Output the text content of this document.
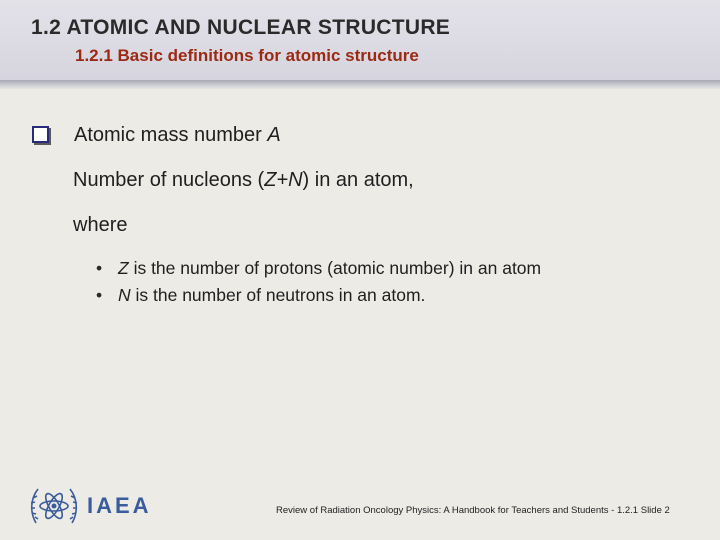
1.2 ATOMIC AND NUCLEAR STRUCTURE
1.2.1 Basic definitions for atomic structure
Atomic mass number A
Number of nucleons (Z+N) in an atom,
where
• Z is the number of protons (atomic number) in an atom
• N is the number of neutrons in an atom.
IAEA	Review of Radiation Oncology Physics: A Handbook for Teachers and Students - 1.2.1 Slide 2
